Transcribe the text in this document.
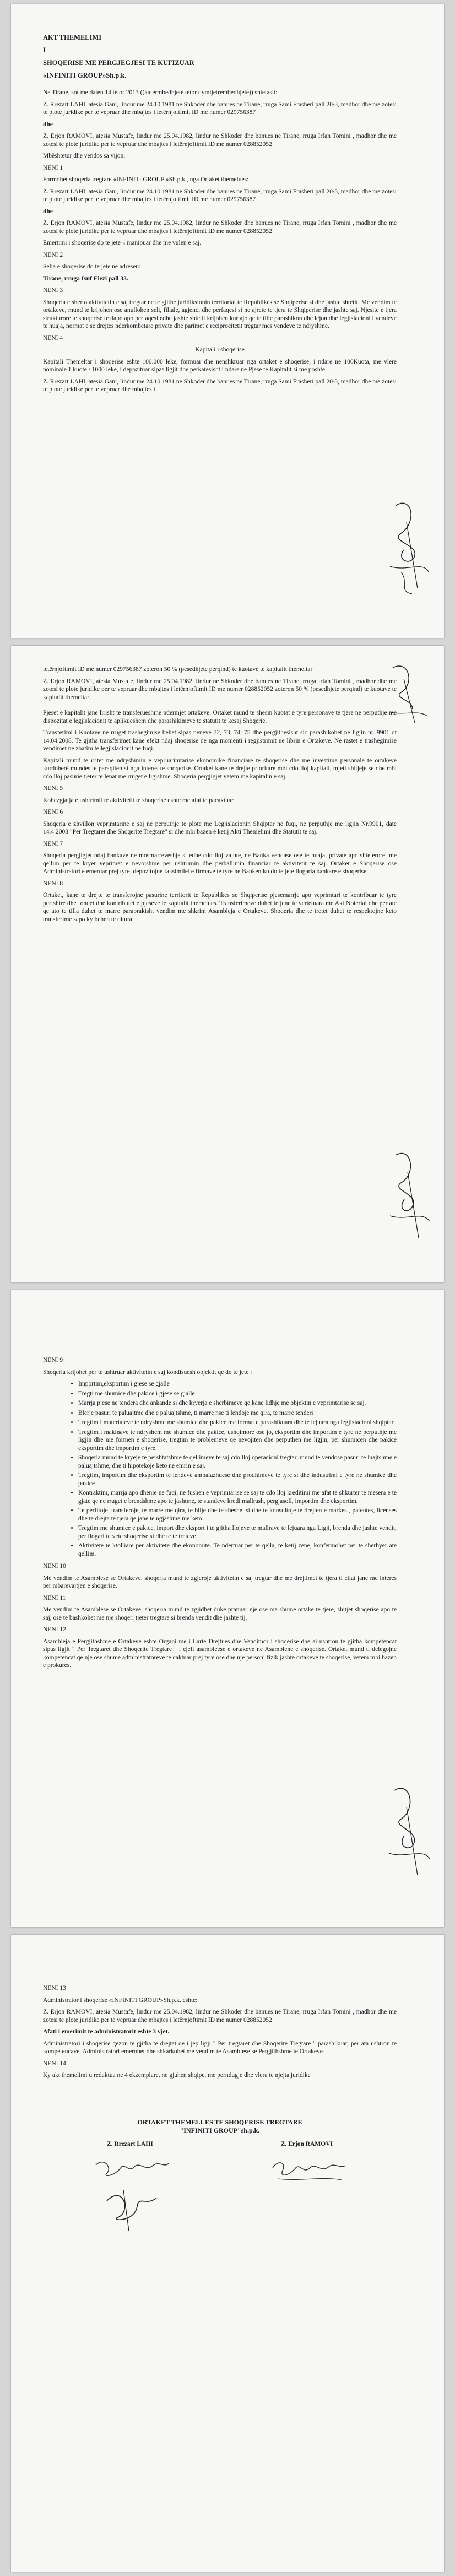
AKT THEMELIMI

I

SHOQERISE ME PERGJEGJESI TE KUFIZUAR

«INFINITI GROUP»Sh.p.k.

Ne Tirane, sot me daten 14 tetor 2013 ((katermbedhjete tetor dymijetrembedhjete)) shtetasit:

Z. Rrezart LAHI, atesia Gani, lindur me 24.10.1981 ne Shkoder dhe banues ne Tirane, rruga Sami Frasheri pall 20/3, madhor dhe me zotesi te plote juridike per te vepruar dhe mbajtes i letërnjoftimit ID me numer 029756387

dhe

Z. Erjon RAMOVI, atesia Mustafe, lindur me 25.04.1982, lindur ne Shkoder dhe banues ne Tirane, rruga Irfan Tomini , madhor dhe me zotesi te plote juridike per te vepruar dhe mbajtes i letërnjoftimit ID me numer 028852052

Mbështetur dhe vendos sa vijon:

NENI 1

Formohet shoqeria tregtare «INFINITI GROUP »Sh.p.k., nga Ortaket themelues:

Z. Rrezart LAHI, atesia Gani, lindur me 24.10.1981 ne Shkoder dhe banues ne Tirane, rruga Sami Frasheri pall 20/3, madhor dhe me zotesi te plote juridike per te vepruar dhe mbajtes i letërnjoftimit ID me numer 029756387

dhe

Z. Erjon RAMOVI, atesia Mustafe, lindur me 25.04.1982, lindur ne Shkoder dhe banues ne Tirane, rruga Irfan Tomini , madhor dhe me zotesi te plote juridike per te vepruar dhe mbajtes i letërnjoftimit ID me numer 028852052

Emertimi i shoqerise do te jete « manipuar dhe me vulen e saj.

NENI 2

Selia e shoqerise do te jete ne adresen:

Tirane, rruga Isuf Elezi pall 33.

NENI 3

Shoqeria e sherto aktivitetin e saj tregtar ne te gjithe juridiksionin territorial te Republikes se Shqiperise si dhe jashte shtetit. Me vendim te ortakeve, mund te krijohen ose anullohen seli, filiale, agjenci dhe perfaqesi si ne ajrete te tjera te Shqiperise dhe jashte saj. Njesite e tjera strukturore te shoqerise te dapo apo perfaqesi edhe jashte shtetit krijohen kur ajo qe te tille parashikon dhe lejon dhe legjislacioni i vendeve te huaja, normat e se drejtes nderkombetare private dhe parimet e reciprocitetit tregtar mes vendeve te ndryshme.

NENI 4

Kapitali i shoqerise

Kapitali Themeltar i shoqerise eshte 100.000 leke, formuar dhe nenshkruar nga ortaket e shoqerise, i ndare ne 100Kuota, me vlere nominale 1 kuote / 1000 leke, i depozituar sipas ligjit dhe perkatesisht i ndare ne Pjese te Kapitalit si me poshte:

Z. Rrezart LAHI, atesia Gani, lindur me 24.10.1981 ne Shkoder dhe banues ne Tirane, rruga Sami Frasheri pall 20/3, madhor dhe me zotesi te plote juridike per te vepruar dhe mbajtes i

letërnjoftimit ID me numer 029756387 zoteron 50 % (pesedhjete perqind) te kuotave te kapitalit themeltar

Z. Erjon RAMOVI, atesia Mustafe, lindur me 25.04.1982, lindur ne Shkoder dhe banues ne Tirane, rruga Irfan Tomini , madhor dhe me zotesi te plote juridike per te vepruar dhe mbajtes i letërnjoftimit ID me numer 028852052 zoteron 50 % (pesedhjete perqind) te kuotave te kapitalit themeltar.

Pjeset e kapitalit jane lirisht te transferueshme ndermjet ortakeve. Ortaket mund te shesin kuotat e tyre personave te tjere ne perputhje me dispozitat e legjislacionit te aplikueshem dhe parashikimeve te statutit te kesaj Shoqerie.

Transferimi i Kuotave ne rruget trashegimise behet sipas neneve 72, 73, 74, 75 dhe pergjithesisht sic parashikohet ne ligjin nr. 9901 dt 14.04.2008. Te gjitha transferimet kane efekt ndaj shoqerise qe nga momenti i regjistrimit ne librin e Ortakeve. Ne rastet e trashegimise vendimet ne zbatim te legjislacionit ne fuqi.

Kapitali mund te rritet me ndryshimin e vepruarimtarise ekonomike financiare te shoqerise dhe me investime personale te ortakeve kurdoherë mundesite paraqiten si nga interes te shoqerise. Ortaket kane te drejte prioritare mbi cdo lloj kapitali, mjeti shitjeje se dhe mbi cdo lloj pasurie tjeter te lenat me rruget e ligjshme. Shoqeria pergjigjet vetem me kapitalin e saj.

NENI 5

Kohezgjatja e ushtrimit te aktivitetit te shoqerise eshte me afat te pacaktuar.

NENI 6

Shoqeria e zhvillon veprimtarine e saj ne perputhje te plote me Legjislacionin Shqiptar ne fuqi, ne perputhje me ligjin Nr.9901, date 14.4.2008 "Per Tregtaret dhe Shoqerite Tregtare" si dhe mbi bazen e ketij Akti Themelimi dhe Statutit te saj.

NENI 7

Shoqeria pergjigjet ndaj bankave ne mosmarreveshje si edhe cdo lloj valute, ne Banka vendase ose te huaja, private apo shteterore, me qellim per te kryer veprimet e nevojshme per ushtrimin dhe perballimin financiar te aktivitetit te saj. Ortaket e Shoqerise ose Administratori e emeruar prej tyre, depozitojne faksimilet e firmave te tyre ne Banken ku do te jete llogaria bankare e shoqerise.

NENI 8

Ortaket, kane te drejte te transferojne pasurine territorit te Republikes se Shqiperise pjesemarrje apo veprimtari te kontribuar te tyre perfshire dhe fondet dhe kontributet e pjeseve te kapitalit themelues. Transferimeve duhet te jene te vertetuara me Akt Noterial dhe per ate qe ato te tilla duhet te marre paraprakisht vendim me shkrim Asambleja e Ortakeve. Shoqeria dhe te tretet duhet te respektojne keto transferime sapo ky behen te ditura.

NENI 9

Shoqeria krijohet per te ushtruar aktivitetin e saj kondisuesh objektit qe do te jete :

• Importim,eksportim i gjese se gjalle
• Tregti me shumice dhe pakice i gjese se gjalle
• Marrja pjese ne tendera dhe ankande si dhe kryerja e sherbimeve qe kane lidhje me objektin e veprimtarise se saj.
• Blerje pasuri te paluajtme dhe e paluajtshme, ti marre nse ti lendoje me qira, te marre tenderi
• Tregtim i materialeve te ndryshme me shumice dhe pakice me format e parashikuara dhe te lejuara nga legjislacioni shqiptar.
• Tregtim i makinave te ndryshem me shumice dhe pakice, ushqimore ose jo, eksportim dhe importim e tyre ne perputhje me ligjin dhe me formen e shoqerise, tregtim te problemeve qe nevojiten dhe perputhen me ligjin, per shumicen dhe pakice eksportim dhe importim e tyre.
• Shoqeria mund te kryeje te pershtatshme te qellimeve te saj cdo lloj operacioni tregtar, mund te vendose pasuri te luajtshme e paluajtshme, dhe ti hipotekoje keto ne emrin e saj.
• Tregtim, importim dhe eksportim te lendeve ambalazhuese dhe prodhimeve te tyre si dhe industrimi e tyre ne shumice dhe pakice
• Kontraktim, marrja apo dhenie ne fuqi, ne fushen e veprimtarise se saj te cdo lloj kreditimi me afat te shkurter te mesem e te gjate qe ne rruget e brendshme apo te jashtme, te standeve kredi mallrash, pergjasoll, importim dhe eksportim.
• Te perfitoje, transferoje, te marre me qira, te blije dhe te sheshe, si dhe te konsultoje te drejten e markes , patentes, licenses dhe te drejta te tjera qe jane te ngjashme me keto
• Tregtim me shumice e pakice, import dhe eksport i te gjitha llojeve te mallrave te lejuara nga Ligji, brenda dhe jashte vendit, per llogari te vete shoqerise si dhe te te treteve.
• Aktivitete te ktolliare per aktivitete dhe ekonomite. Te ndertuar per te qella, te ketij zene, konfermohet per te sherbyer ate qellim.

NENI 10

Me vendim te Asamblese se Ortakeve, shoqeria mund te zgjeroje aktivitetin e saj tregtar dhe me drejtimet te tjera ti cilat jane me interes per mbarevajtjen e shoqerise.

NENI 11

Me vendim te Asamblese se Ortakeve, shoqeria mund te zgjidhet duke pranuar nje ose me shume ortake te tjere, shitjet shoqerise apo te saj, ose te bashkohet me nje shoqeri tjeter tregtare si brenda vendit dhe jashte tij.

NENI 12

Asambleja e Pergjithshme e Ortakeve eshte Organi me i Larte Drejtues dhe Vendimor i shoqerise dhe ai ushtron te gjitha kompetencat sipas ligjit " Per Tregtaret dhe Shoqerite Tregtare " i cjeft asambleese e ortakeve ne Asamblene e shoqerise. Ortaket mund ti delegojne kompetencat qe nje ose shume administratoreve te caktuar prej tyre ose dhe nje personi fizik jashte ortakeve te shoqerise, vetem mbi bazen e prokures.

NENI 13

Administrator i shoqerise «INFINITI GROUP»Sh.p.k. eshte:

Z. Erjon RAMOVI, atesia Mustafe, lindur me 25.04.1982, lindur ne Shkoder dhe banues ne Tirane, rruga Irfan Tomini , madhor dhe me zotesi te plote juridike per te vepruar dhe mbajtes i letërnjoftimit ID me numer 028852052

Afati i emerimit te administratorit eshte 3 vjet.

Administratori i shoqerise gezon te gjitha te drejtat qe i jep ligji " Per tregtaret dhe Shoqerite Tregtare " parashikuar, per ata ushtron te kompetencave. Administratori emerohet dhe shkarkohet me vendim te Asamblese se Pergjithshme te Ortakeve.

NENI 14

Ky akt themelimi u redaktua ne 4 ekzemplare, ne gjuhen shqipe, me perndugje dhe vlera te njejta juridike

ORTAKET THEMELUES TE SHOQERISE TREGTARE
"INFINITI GROUP"sh.p.k.
Z. Rrezart LAHI	Z. Erjon RAMOVI
